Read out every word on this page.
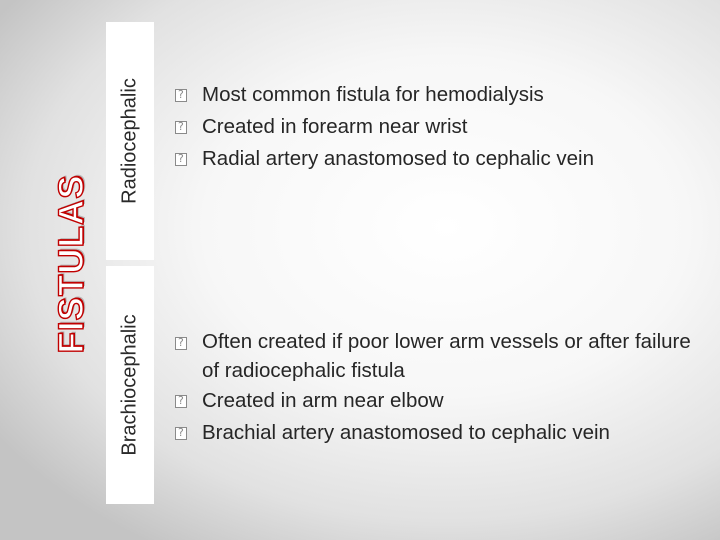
FISTULAS
Radiocephalic
Brachiocephalic
?
Most common fistula for hemodialysis
?
Created in forearm near wrist
?
Radial artery anastomosed to cephalic vein
?
Often created if poor lower arm vessels or after failure of radiocephalic fistula
?
Created in arm near elbow
?
Brachial artery anastomosed to cephalic vein
